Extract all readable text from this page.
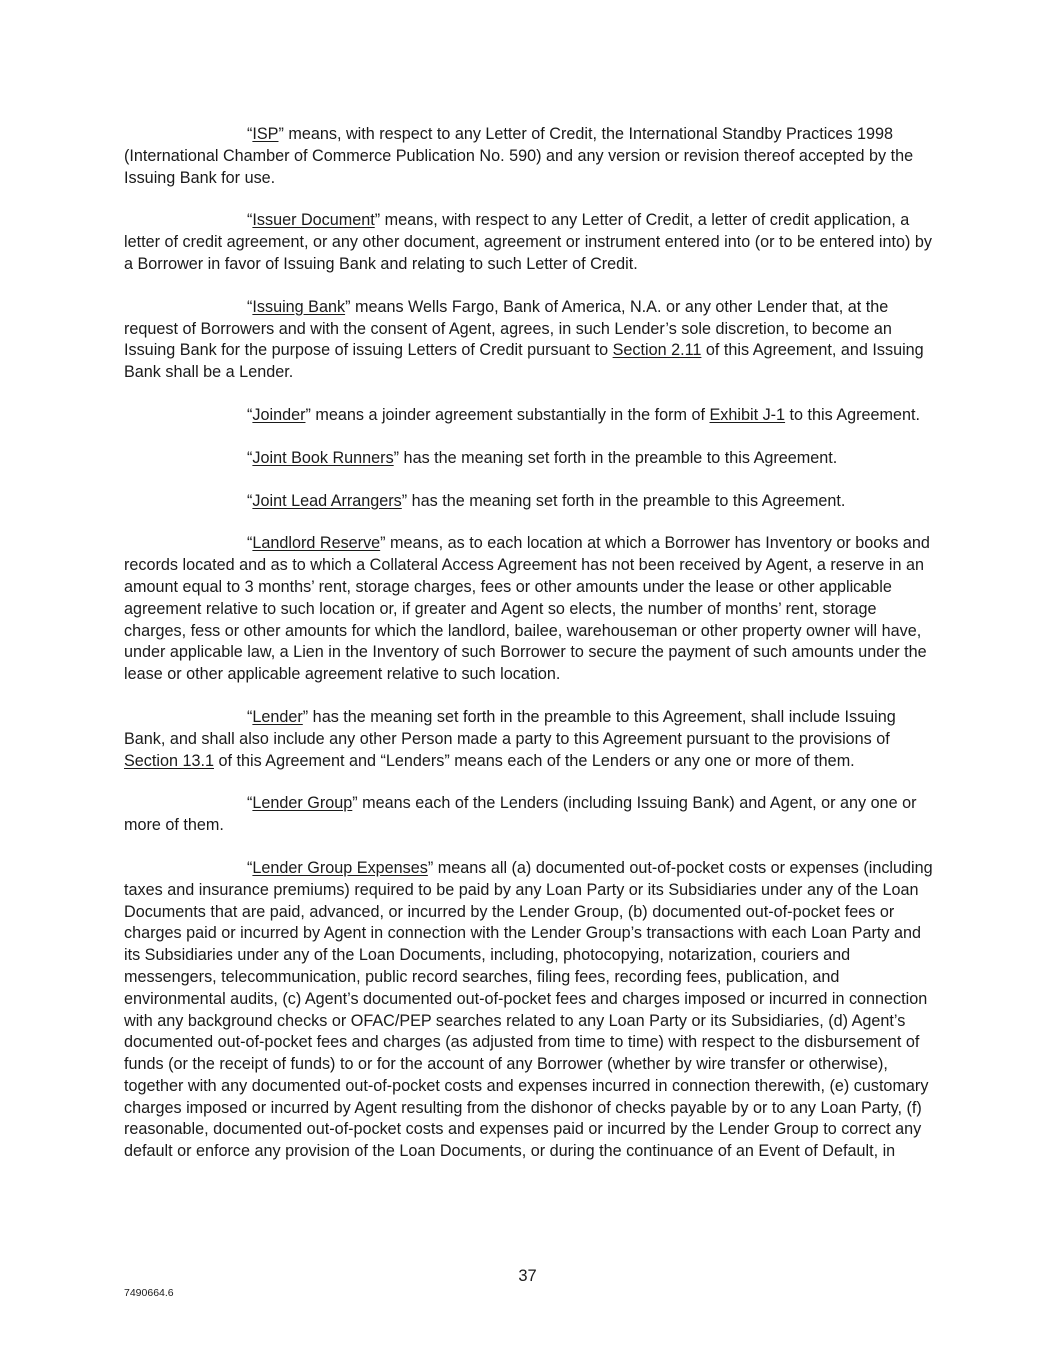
“ISP” means, with respect to any Letter of Credit, the International Standby Practices 1998 (International Chamber of Commerce Publication No. 590) and any version or revision thereof accepted by the Issuing Bank for use.

“Issuer Document” means, with respect to any Letter of Credit, a letter of credit application, a letter of credit agreement, or any other document, agreement or instrument entered into (or to be entered into) by a Borrower in favor of Issuing Bank and relating to such Letter of Credit.

“Issuing Bank” means Wells Fargo, Bank of America, N.A. or any other Lender that, at the request of Borrowers and with the consent of Agent, agrees, in such Lender’s sole discretion, to become an Issuing Bank for the purpose of issuing Letters of Credit pursuant to Section 2.11 of this Agreement, and Issuing Bank shall be a Lender.

“Joinder” means a joinder agreement substantially in the form of Exhibit J-1 to this Agreement.

“Joint Book Runners” has the meaning set forth in the preamble to this Agreement.

“Joint Lead Arrangers” has the meaning set forth in the preamble to this Agreement.

“Landlord Reserve” means, as to each location at which a Borrower has Inventory or books and records located and as to which a Collateral Access Agreement has not been received by Agent, a reserve in an amount equal to 3 months’ rent, storage charges, fees or other amounts under the lease or other applicable agreement relative to such location or, if greater and Agent so elects, the number of months’ rent, storage charges, fess or other amounts for which the landlord, bailee, warehouseman or other property owner will have, under applicable law, a Lien in the Inventory of such Borrower to secure the payment of such amounts under the lease or other applicable agreement relative to such location.

“Lender” has the meaning set forth in the preamble to this Agreement, shall include Issuing Bank, and shall also include any other Person made a party to this Agreement pursuant to the provisions of Section 13.1 of this Agreement and “Lenders” means each of the Lenders or any one or more of them.

“Lender Group” means each of the Lenders (including Issuing Bank) and Agent, or any one or more of them.

“Lender Group Expenses” means all (a) documented out-of-pocket costs or expenses (including taxes and insurance premiums) required to be paid by any Loan Party or its Subsidiaries under any of the Loan Documents that are paid, advanced, or incurred by the Lender Group, (b) documented out-of-pocket fees or charges paid or incurred by Agent in connection with the Lender Group’s transactions with each Loan Party and its Subsidiaries under any of the Loan Documents, including, photocopying, notarization, couriers and messengers, telecommunication, public record searches, filing fees, recording fees, publication, and environmental audits, (c) Agent’s documented out-of-pocket fees and charges imposed or incurred in connection with any background checks or OFAC/PEP searches related to any Loan Party or its Subsidiaries, (d) Agent’s documented out-of-pocket fees and charges (as adjusted from time to time) with respect to the disbursement of funds (or the receipt of funds) to or for the account of any Borrower (whether by wire transfer or otherwise), together with any documented out-of-pocket costs and expenses incurred in connection therewith, (e) customary charges imposed or incurred by Agent resulting from the dishonor of checks payable by or to any Loan Party, (f) reasonable, documented out-of-pocket costs and expenses paid or incurred by the Lender Group to correct any default or enforce any provision of the Loan Documents, or during the continuance of an Event of Default, in

37
7490664.6
